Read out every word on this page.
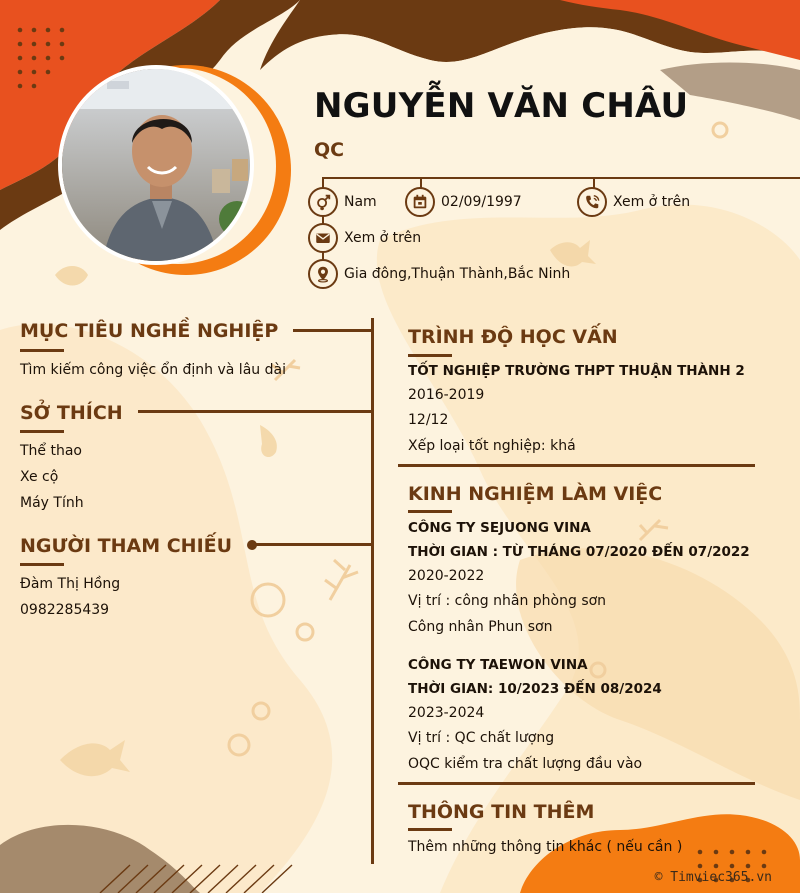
NGUYỄN VĂN CHÂU
QC
Nam	02/09/1997	Xem ở trên
Xem ở trên
Gia đông,Thuận Thành,Bắc Ninh
MỤC TIÊU NGHỀ NGHIỆP
Tìm kiếm công việc ổn định và lâu dài
SỞ THÍCH
Thể thao
Xe cộ
Máy Tính
NGƯỜI THAM CHIẾU
Đàm Thị Hồng
0982285439
TRÌNH ĐỘ HỌC VẤN
TỐT NGHIỆP TRƯỜNG THPT THUẬN THÀNH 2
2016-2019
12/12
Xếp loại tốt nghiệp: khá
KINH NGHIỆM LÀM VIỆC
CÔNG TY SEJUONG VINA
THỜI GIAN : TỪ THÁNG 07/2020 ĐẾN 07/2022
2020-2022
Vị trí : công nhân phòng sơn
Công nhân Phun sơn
CÔNG TY TAEWON VINA
THỜI GIAN: 10/2023 ĐẾN 08/2024
2023-2024
Vị trí : QC chất lượng
OQC kiểm tra chất lượng đầu vào
THÔNG TIN THÊM
Thêm những thông tin khác ( nếu cần )
© Timviec365.vn
